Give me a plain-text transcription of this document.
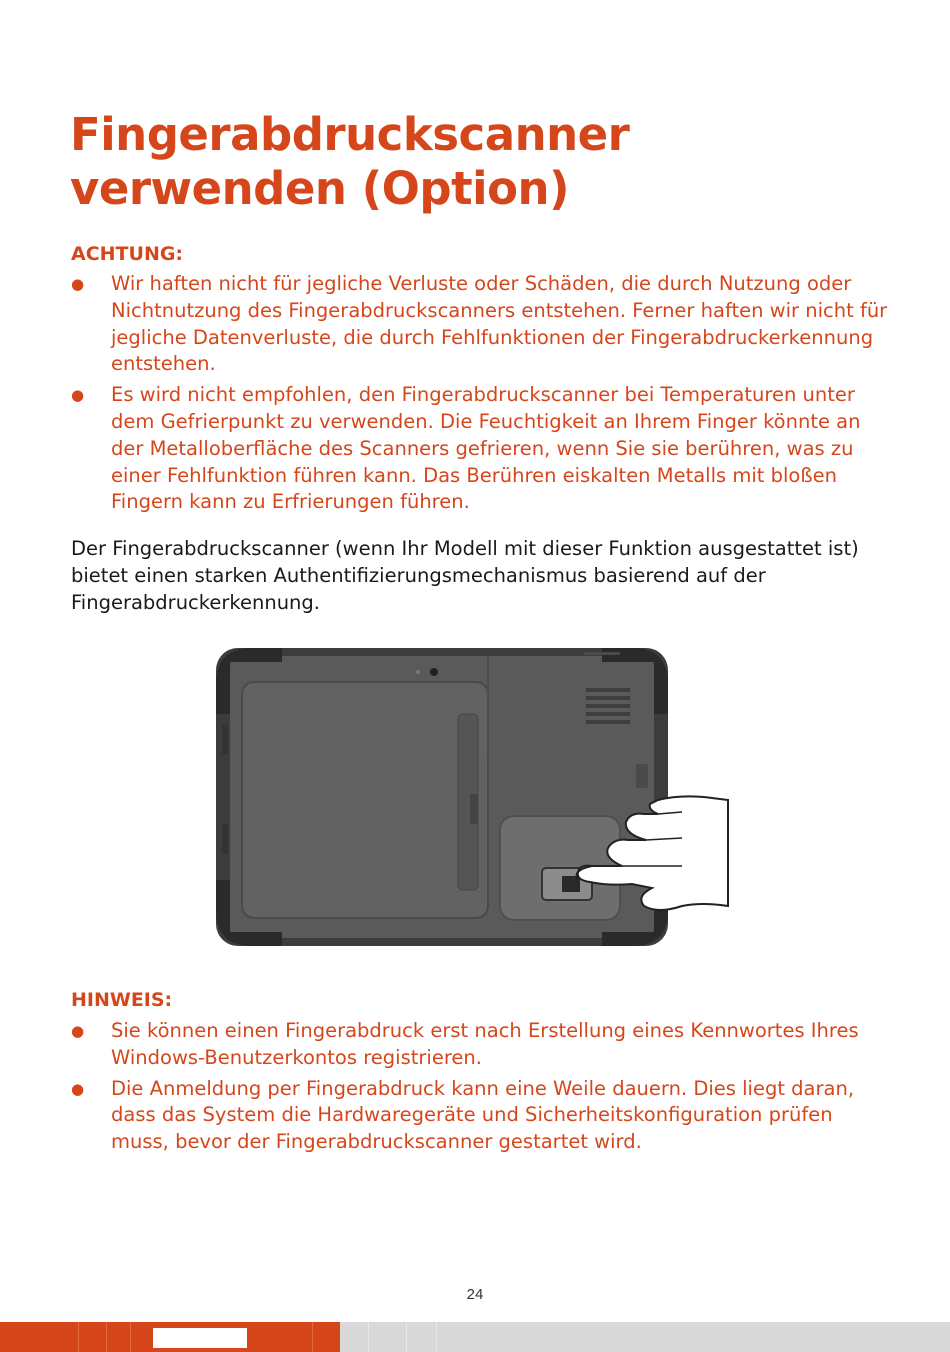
Fingerabdruckscanner verwenden (Option)
ACHTUNG:
● Wir haften nicht für jegliche Verluste oder Schäden, die durch Nutzung oder Nichtnutzung des Fingerabdruckscanners entstehen. Ferner haften wir nicht für jegliche Datenverluste, die durch Fehlfunktionen der Fingerabdruckerkennung entstehen.
● Es wird nicht empfohlen, den Fingerabdruckscanner bei Temperaturen unter dem Gefrierpunkt zu verwenden. Die Feuchtigkeit an Ihrem Finger könnte an der Metalloberfläche des Scanners gefrieren, wenn Sie sie berühren, was zu einer Fehlfunktion führen kann. Das Berühren eiskalten Metalls mit bloßen Fingern kann zu Erfrierungen führen.

Der Fingerabdruckscanner (wenn Ihr Modell mit dieser Funktion ausgestattet ist) bietet einen starken Authentifizierungsmechanismus basierend auf der Fingerabdruckerkennung.

HINWEIS:
● Sie können einen Fingerabdruck erst nach Erstellung eines Kennwortes Ihres Windows-Benutzerkontos registrieren.
● Die Anmeldung per Fingerabdruck kann eine Weile dauern. Dies liegt daran, dass das System die Hardwaregeräte und Sicherheitskonfiguration prüfen muss, bevor der Fingerabdruckscanner gestartet wird.
24
